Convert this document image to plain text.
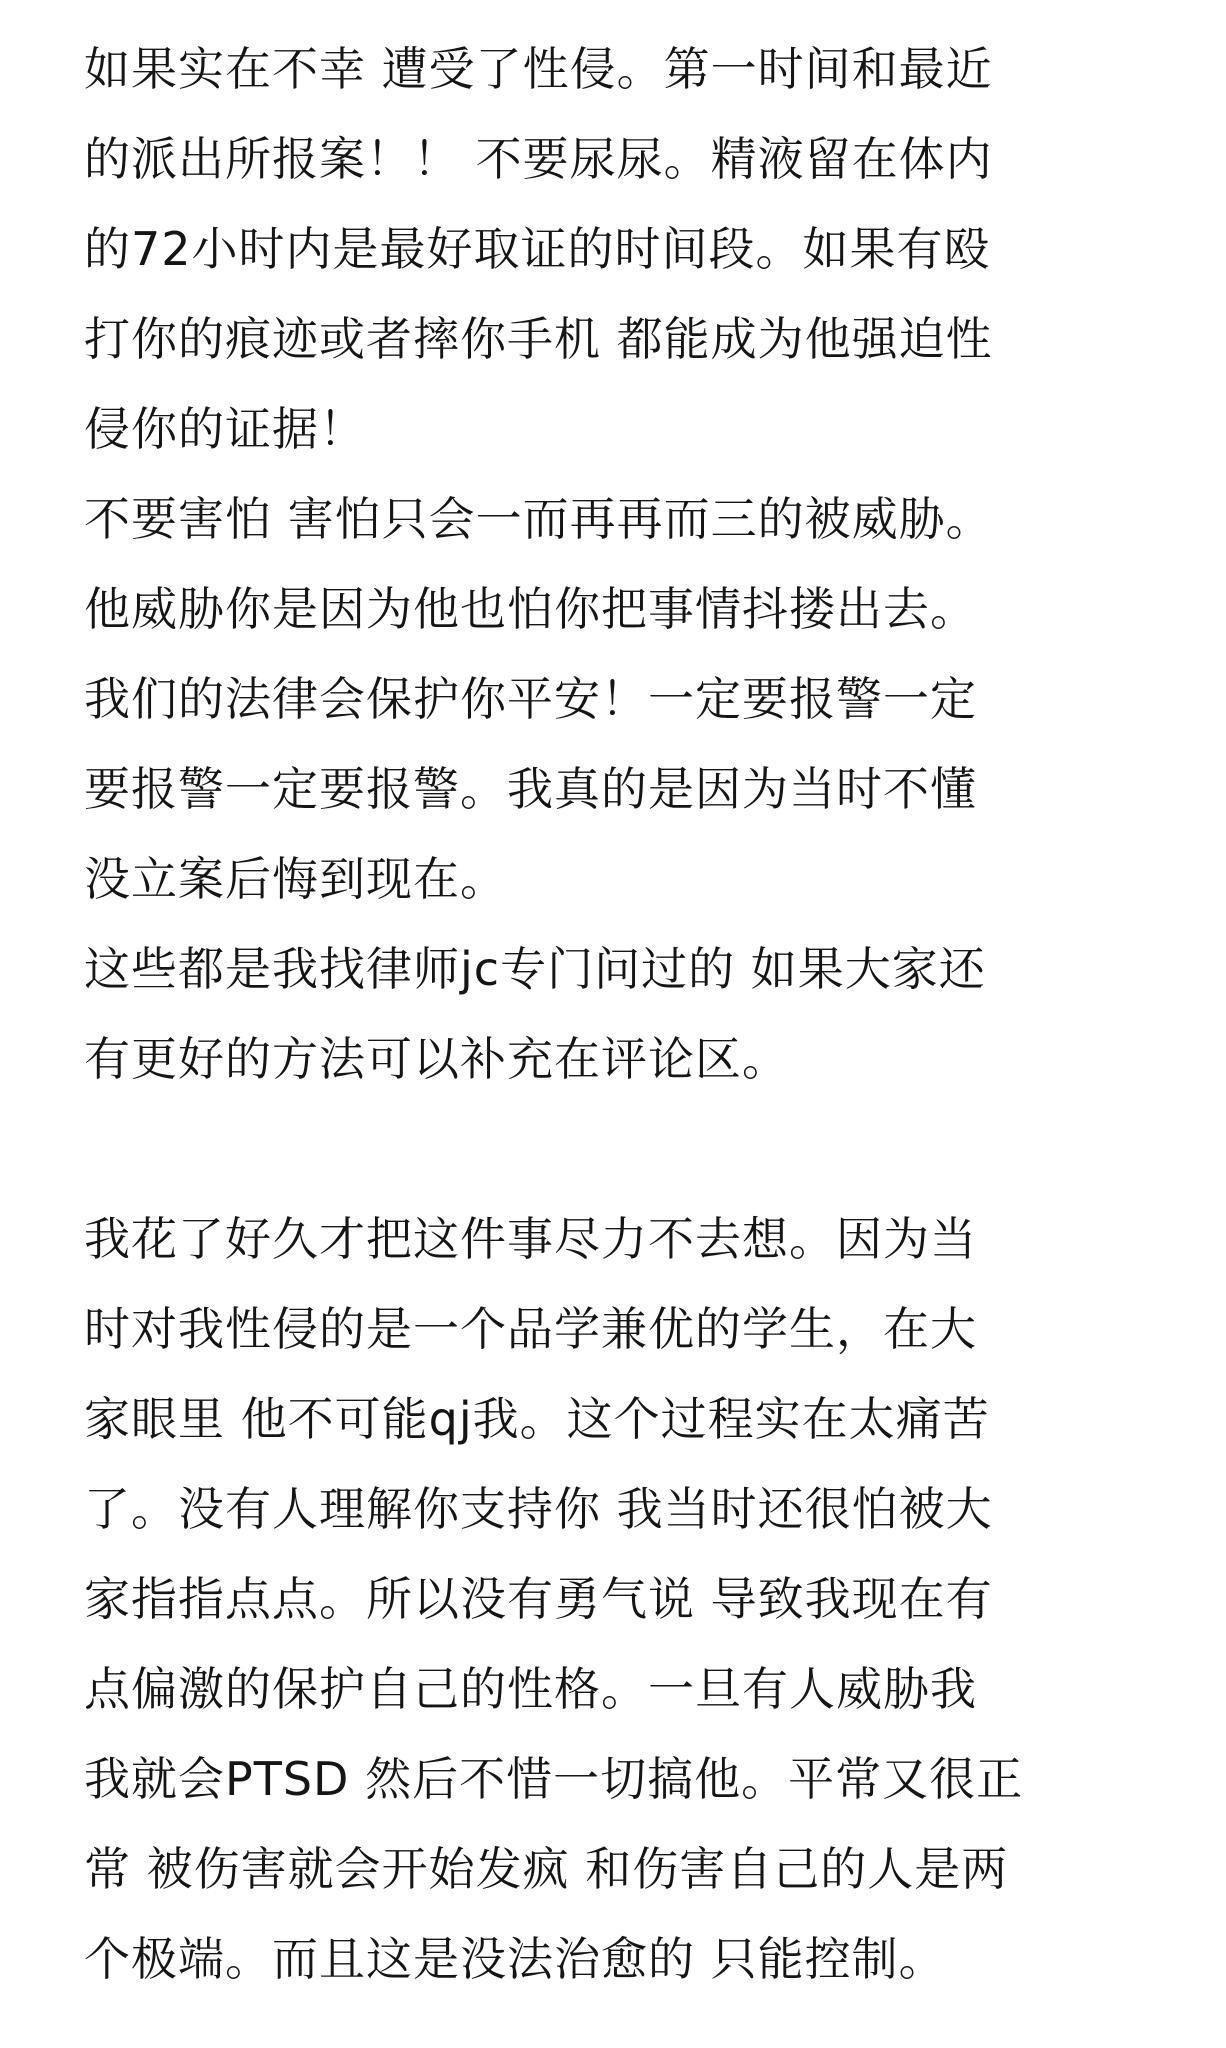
如果实在不幸 遭受了性侵。第一时间和最近
的派出所报案！！ 不要尿尿。精液留在体内
的72小时内是最好取证的时间段。如果有殴
打你的痕迹或者摔你手机 都能成为他强迫性
侵你的证据！
不要害怕 害怕只会一而再再而三的被威胁。
他威胁你是因为他也怕你把事情抖搂出去。
我们的法律会保护你平安！一定要报警一定
要报警一定要报警。我真的是因为当时不懂
没立案后悔到现在。
这些都是我找律师jc专门问过的 如果大家还
有更好的方法可以补充在评论区。
我花了好久才把这件事尽力不去想。因为当
时对我性侵的是一个品学兼优的学生，在大
家眼里 他不可能qj我。这个过程实在太痛苦
了。没有人理解你支持你 我当时还很怕被大
家指指点点。所以没有勇气说 导致我现在有
点偏激的保护自己的性格。一旦有人威胁我
我就会PTSD 然后不惜一切搞他。平常又很正
常 被伤害就会开始发疯 和伤害自己的人是两
个极端。而且这是没法治愈的 只能控制。
